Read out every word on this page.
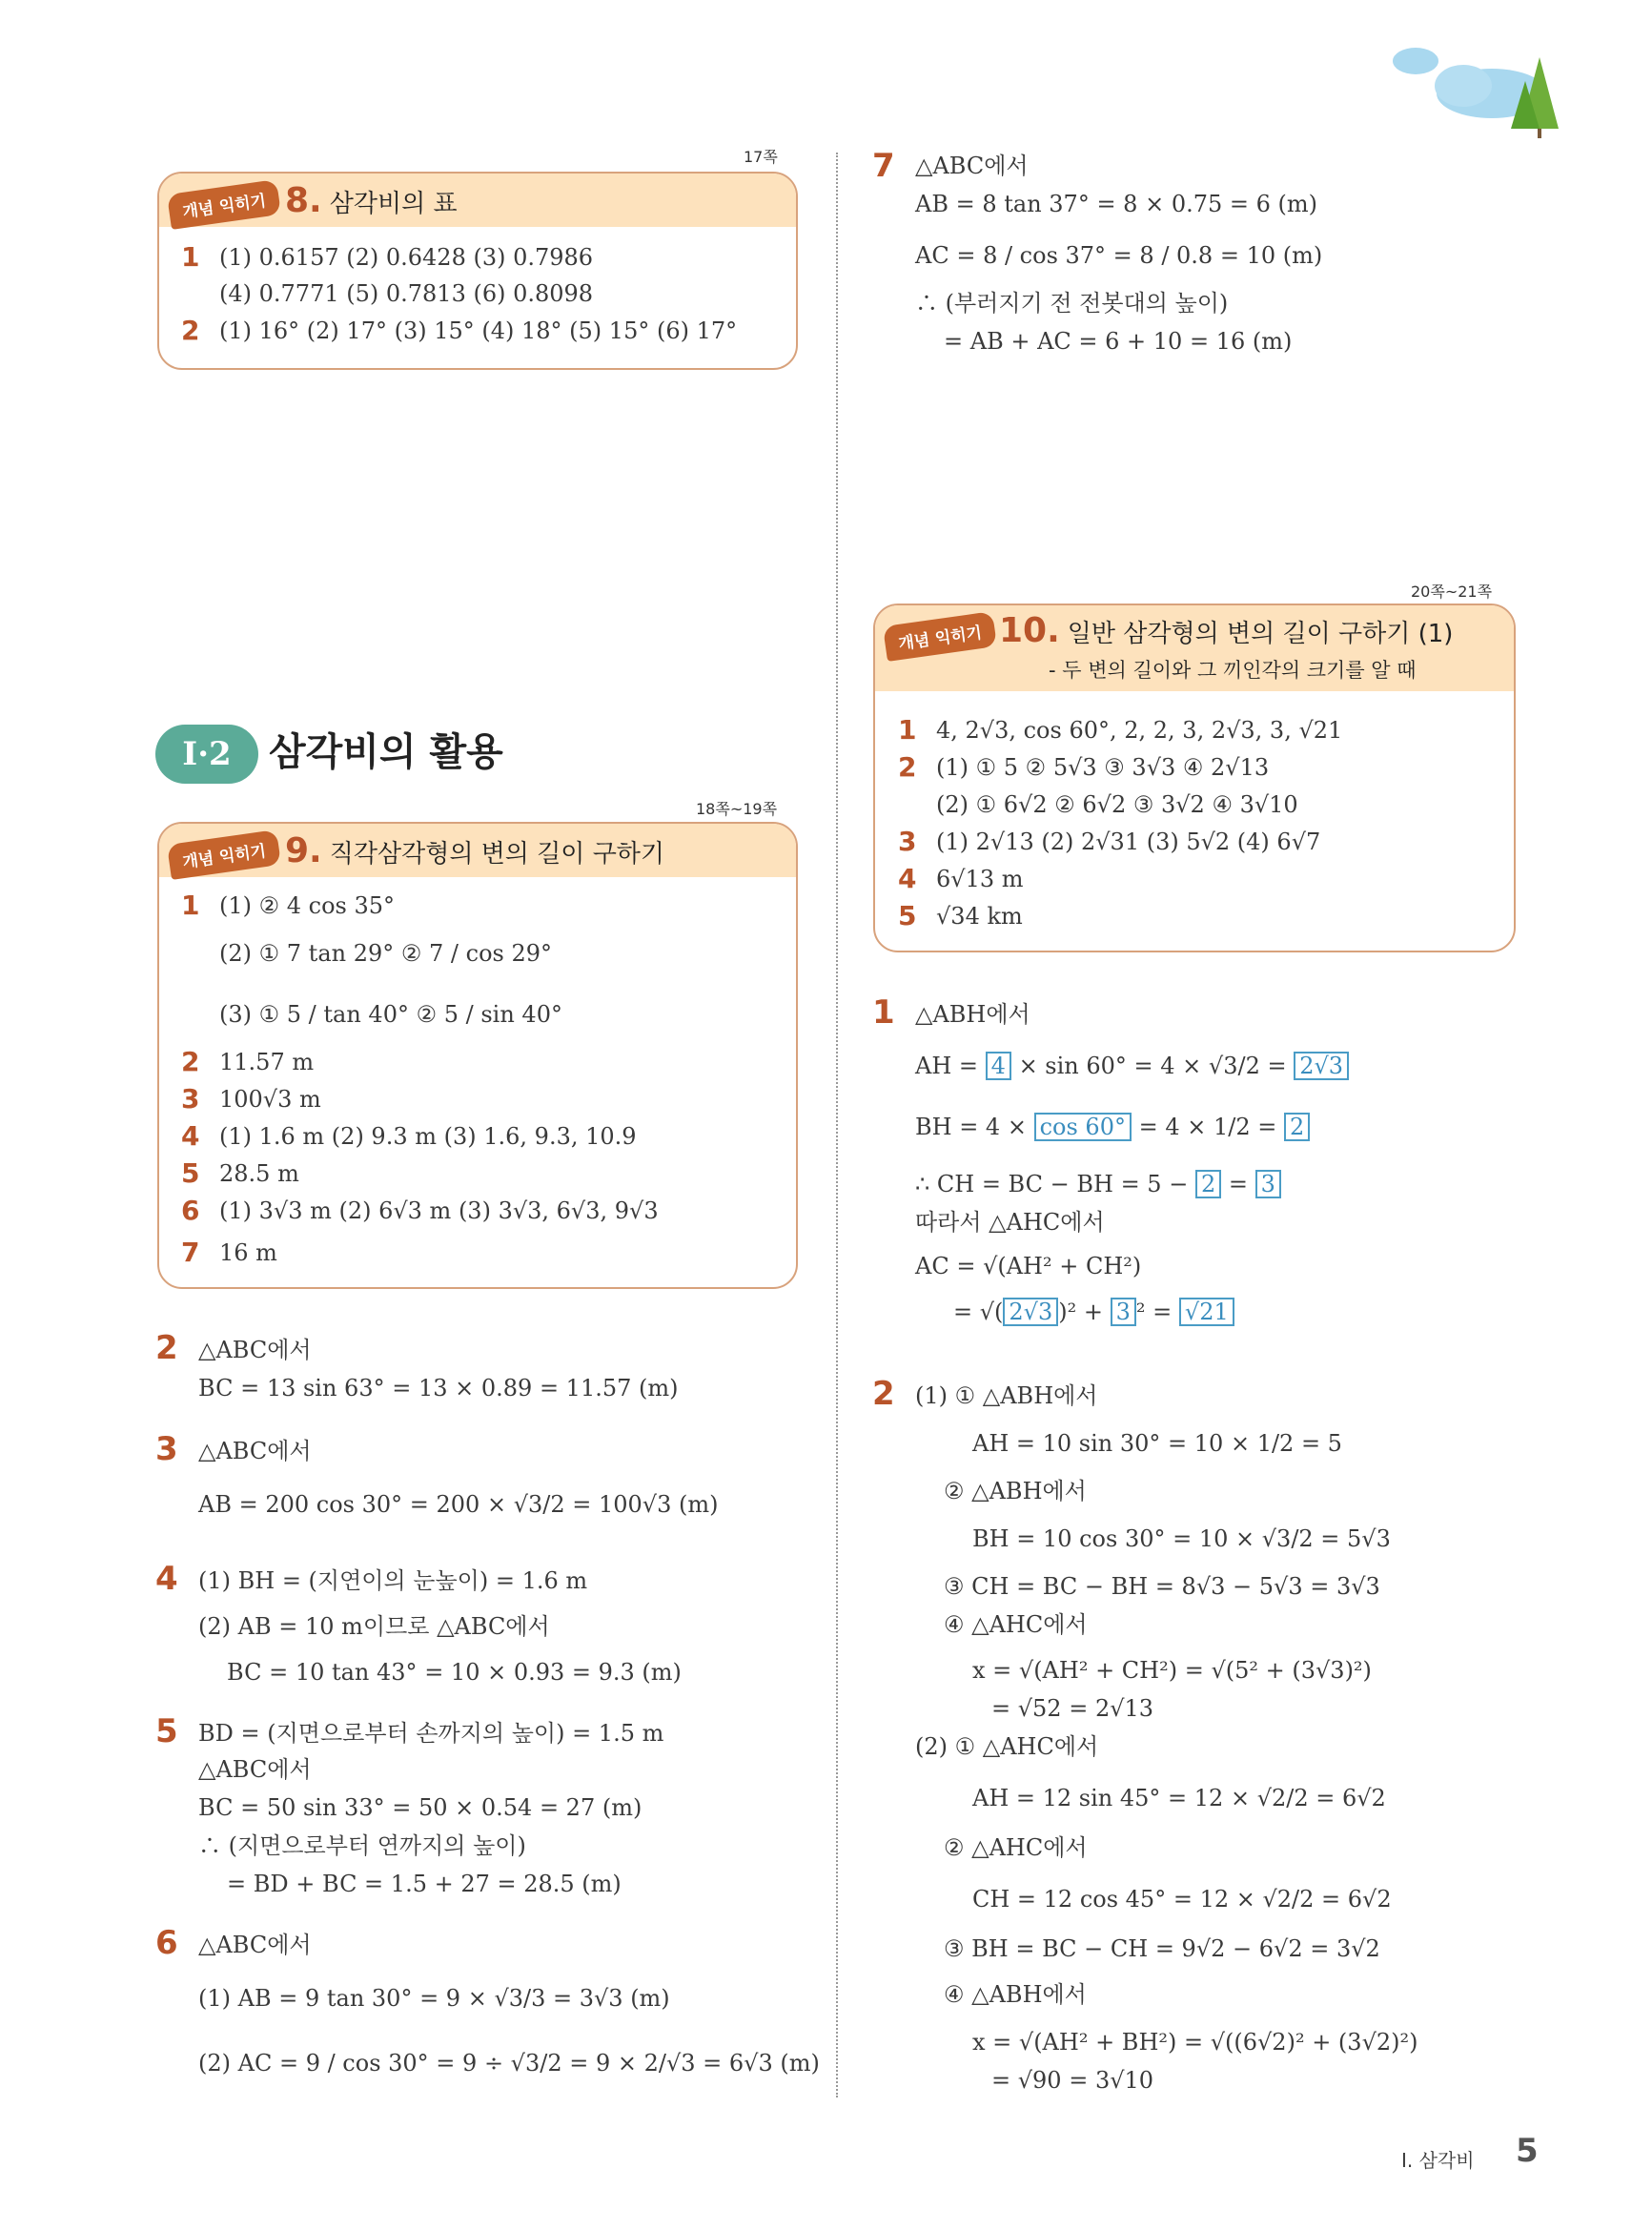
17쪽
개념 익히기 8. 삼각비의 표
1 (1) 0.6157 (2) 0.6428 (3) 0.7986
(4) 0.7771 (5) 0.7813 (6) 0.8098
2 (1) 16° (2) 17° (3) 15° (4) 18° (5) 15° (6) 17°
I·2 삼각비의 활용
18쪽~19쪽
개념 익히기 9. 직각삼각형의 변의 길이 구하기
1 (1) ② 4 cos 35°
(2) ① 7 tan 29° ② 7 / cos 29°
(3) ① 5 / tan 40° ② 5 / sin 40°
2 11.57 m
3 100√3 m
4 (1) 1.6 m (2) 9.3 m (3) 1.6, 9.3, 10.9
5 28.5 m
6 (1) 3√3 m (2) 6√3 m (3) 3√3, 6√3, 9√3
7 16 m
2 △ABC에서
BC = 13 sin 63° = 13 × 0.89 = 11.57 (m)
3 △ABC에서
AB = 200 cos 30° = 200 × √3/2 = 100√3 (m)
4 (1) BH = (지연이의 눈높이) = 1.6 m
(2) AB = 10 m이므로 △ABC에서
BC = 10 tan 43° = 10 × 0.93 = 9.3 (m)
5 BD = (지면으로부터 손까지의 높이) = 1.5 m
△ABC에서
BC = 50 sin 33° = 50 × 0.54 = 27 (m)
∴ (지면으로부터 연까지의 높이)
= BD + BC = 1.5 + 27 = 28.5 (m)
6 △ABC에서
(1) AB = 9 tan 30° = 9 × √3/3 = 3√3 (m)
(2) AC = 9 / cos 30° = 9 ÷ √3/2 = 9 × 2/√3 = 6√3 (m)
7 △ABC에서
AB = 8 tan 37° = 8 × 0.75 = 6 (m)
AC = 8 / cos 37° = 8 / 0.8 = 10 (m)
∴ (부러지기 전 전봇대의 높이)
= AB + AC = 6 + 10 = 16 (m)
20쪽~21쪽
개념 익히기 10. 일반 삼각형의 변의 길이 구하기 (1)
- 두 변의 길이와 그 끼인각의 크기를 알 때
1 4, 2√3, cos 60°, 2, 2, 3, 2√3, 3, √21
2 (1) ① 5 ② 5√3 ③ 3√3 ④ 2√13
(2) ① 6√2 ② 6√2 ③ 3√2 ④ 3√10
3 (1) 2√13 (2) 2√31 (3) 5√2 (4) 6√7
4 6√13 m
5 √34 km
1 △ABH에서
AH = 4 × sin 60° = 4 × √3/2 = 2√3
BH = 4 × cos 60° = 4 × 1/2 = 2
∴ CH = BC − BH = 5 − 2 = 3
따라서 △AHC에서
AC = √(AH² + CH²)
= √( 2√3 )² + 3 ² = √21
2 (1) ① △ABH에서
AH = 10 sin 30° = 10 × 1/2 = 5
② △ABH에서
BH = 10 cos 30° = 10 × √3/2 = 5√3
③ CH = BC − BH = 8√3 − 5√3 = 3√3
④ △AHC에서
x = √(AH² + CH²) = √(5² + (3√3)²)
= √52 = 2√13
(2) ① △AHC에서
AH = 12 sin 45° = 12 × √2/2 = 6√2
② △AHC에서
CH = 12 cos 45° = 12 × √2/2 = 6√2
③ BH = BC − CH = 9√2 − 6√2 = 3√2
④ △ABH에서
x = √(AH² + BH²) = √((6√2)² + (3√2)²)
= √90 = 3√10
I. 삼각비 5
